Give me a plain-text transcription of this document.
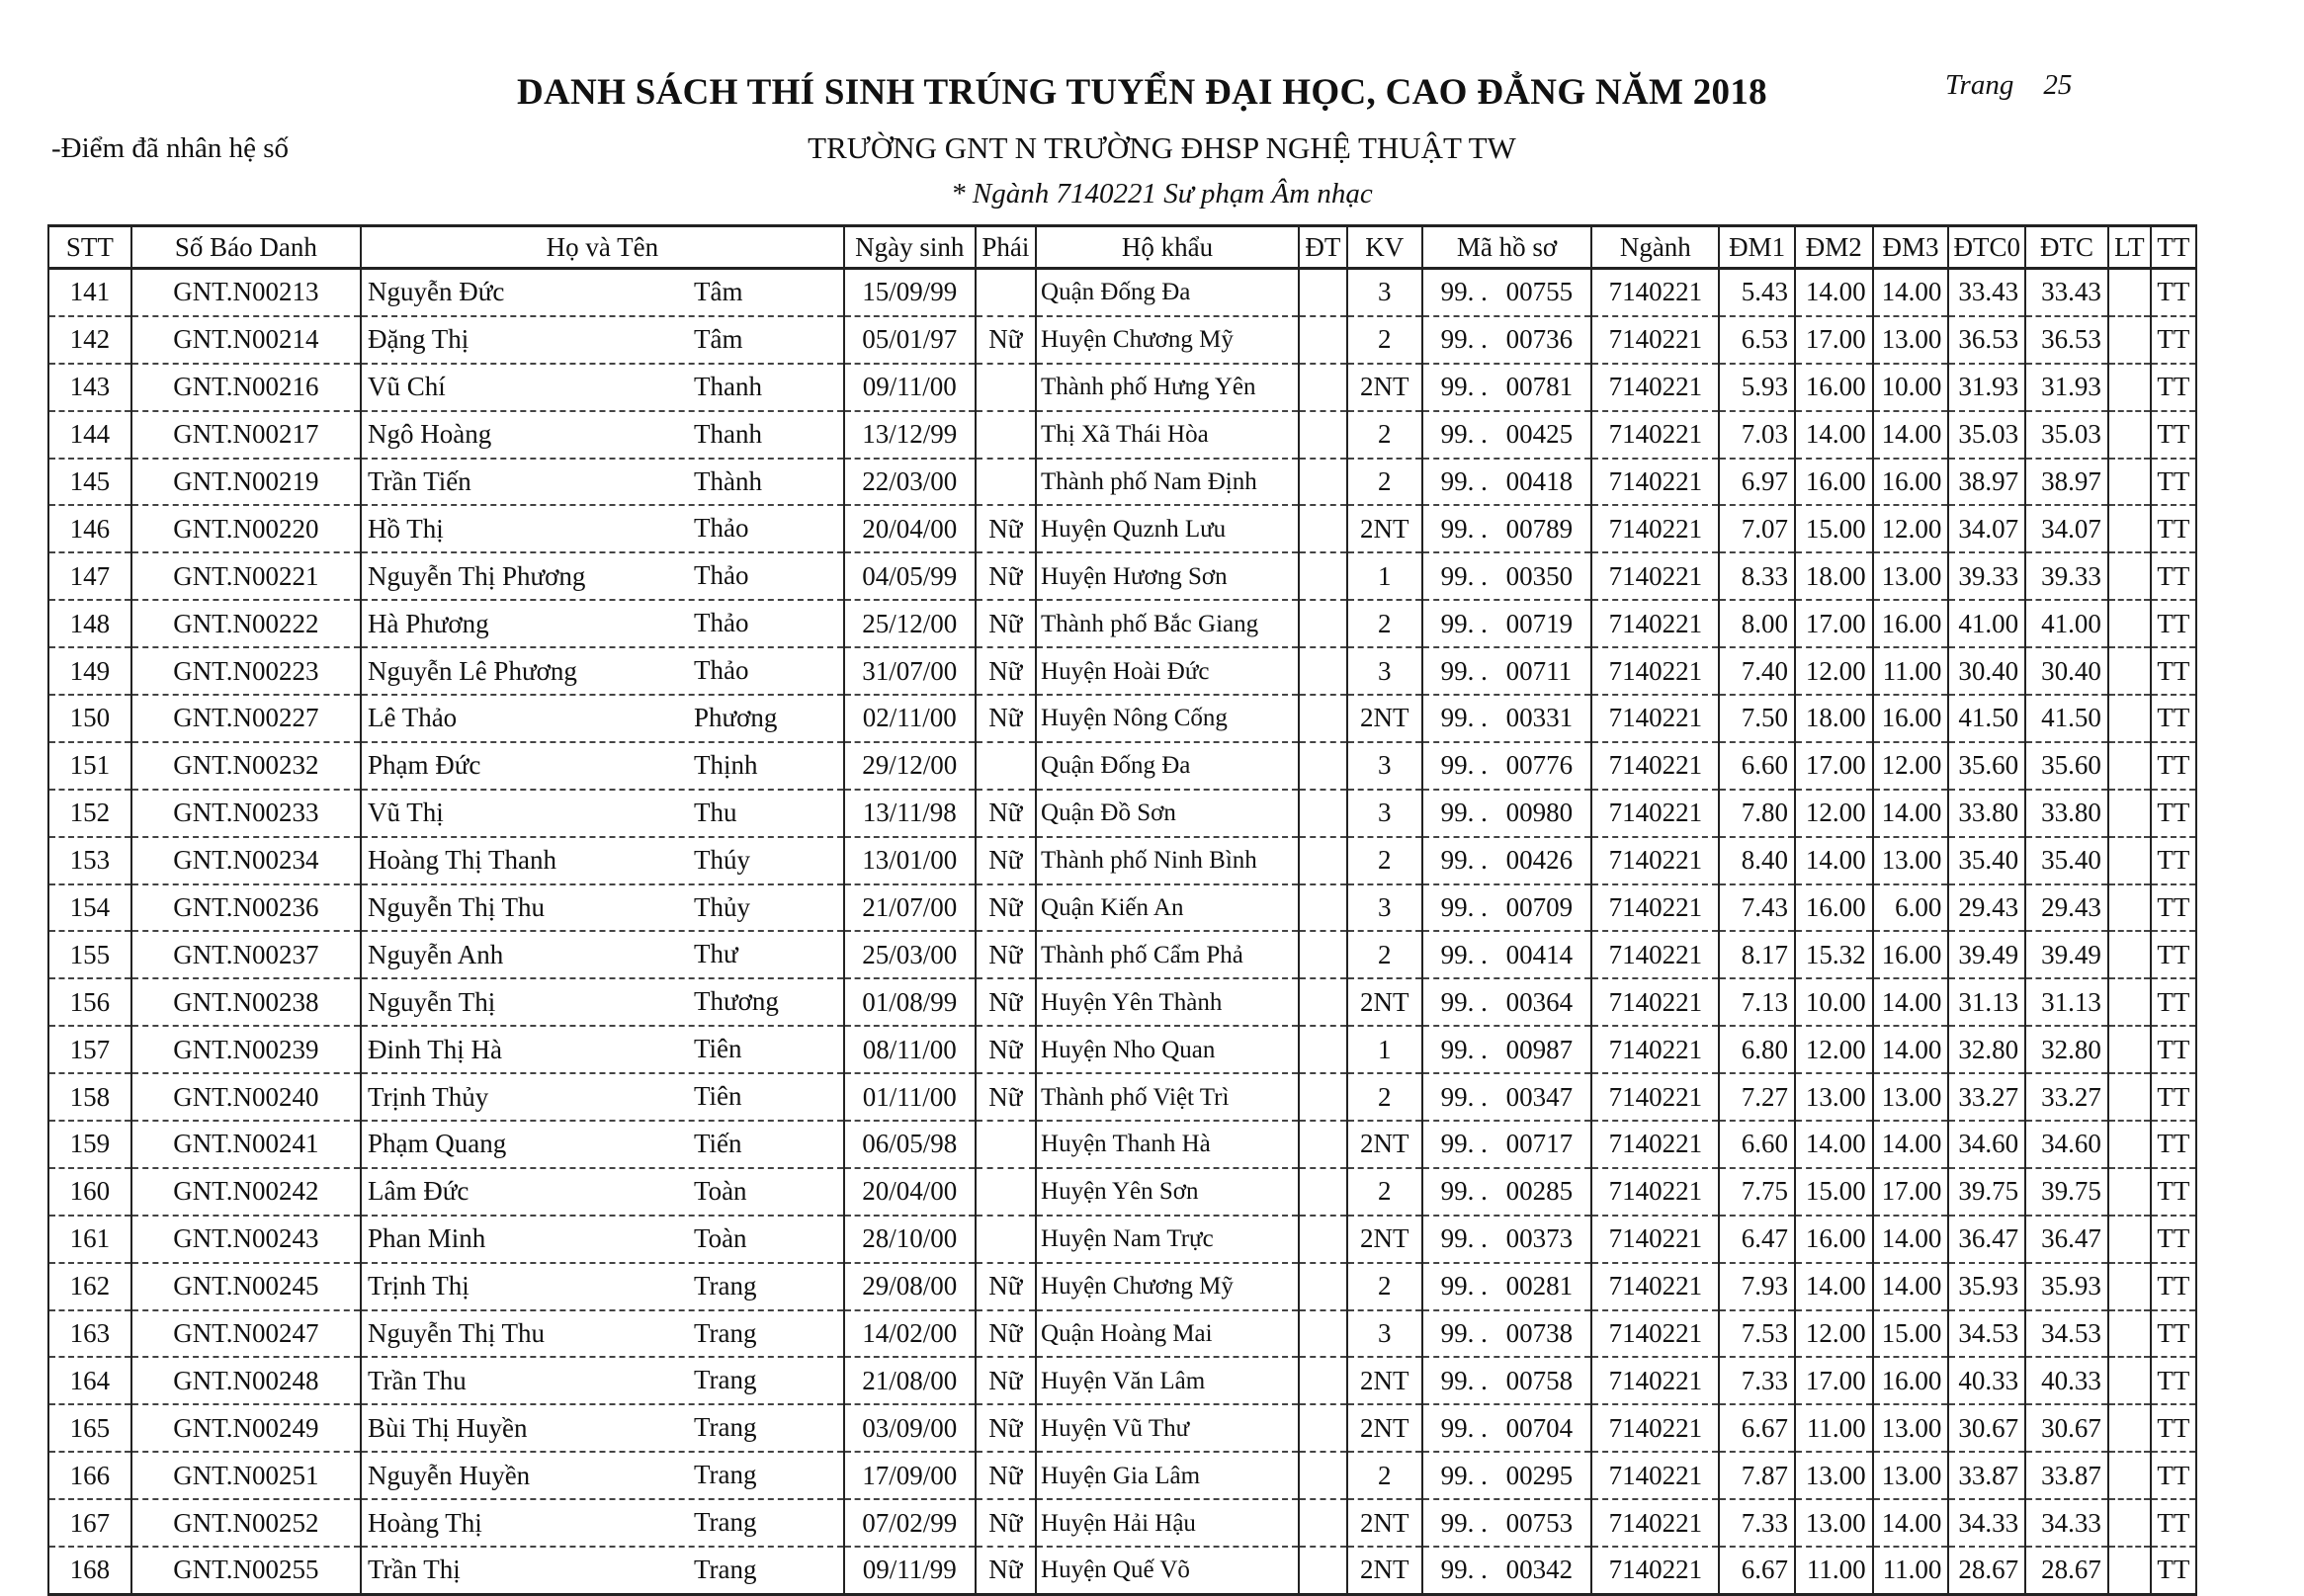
DANH SÁCH THÍ SINH TRÚNG TUYỂN ĐẠI HỌC, CAO ĐẲNG NĂM 2018	Trang 25
-Điểm đã nhân hệ số	TRƯỜNG GNT N TRƯỜNG ĐHSP NGHỆ THUẬT TW
* Ngành 7140221 Sư phạm Âm nhạc
STT	Số Báo Danh	Họ và Tên	Ngày sinh	Phái	Hộ khẩu	ĐT	KV	Mã hồ sơ	Ngành	ĐM1	ĐM2	ĐM3	ĐTC0	ĐTC	LT	TT
141	GNT.N00213	Nguyễn Đức Tâm	15/09/99		Quận Đống Đa		3	99. . 00755	7140221	5.43	14.00	14.00	33.43	33.43		TT
142	GNT.N00214	Đặng Thị Tâm	05/01/97	Nữ	Huyện Chương Mỹ		2	99. . 00736	7140221	6.53	17.00	13.00	36.53	36.53		TT
143	GNT.N00216	Vũ Chí Thanh	09/11/00		Thành phố Hưng Yên		2NT	99. . 00781	7140221	5.93	16.00	10.00	31.93	31.93		TT
144	GNT.N00217	Ngô Hoàng Thanh	13/12/99		Thị Xã Thái Hòa		2	99. . 00425	7140221	7.03	14.00	14.00	35.03	35.03		TT
145	GNT.N00219	Trần Tiến Thành	22/03/00		Thành phố Nam Định		2	99. . 00418	7140221	6.97	16.00	16.00	38.97	38.97		TT
146	GNT.N00220	Hồ Thị Thảo	20/04/00	Nữ	Huyện Quznh Lưu		2NT	99. . 00789	7140221	7.07	15.00	12.00	34.07	34.07		TT
147	GNT.N00221	Nguyễn Thị Phương Thảo	04/05/99	Nữ	Huyện Hương Sơn		1	99. . 00350	7140221	8.33	18.00	13.00	39.33	39.33		TT
148	GNT.N00222	Hà Phương Thảo	25/12/00	Nữ	Thành phố Bắc Giang		2	99. . 00719	7140221	8.00	17.00	16.00	41.00	41.00		TT
149	GNT.N00223	Nguyễn Lê Phương Thảo	31/07/00	Nữ	Huyện Hoài Đức		3	99. . 00711	7140221	7.40	12.00	11.00	30.40	30.40		TT
150	GNT.N00227	Lê Thảo Phương	02/11/00	Nữ	Huyện Nông Cống		2NT	99. . 00331	7140221	7.50	18.00	16.00	41.50	41.50		TT
151	GNT.N00232	Phạm Đức Thịnh	29/12/00		Quận Đống Đa		3	99. . 00776	7140221	6.60	17.00	12.00	35.60	35.60		TT
152	GNT.N00233	Vũ Thị Thu	13/11/98	Nữ	Quận Đồ Sơn		3	99. . 00980	7140221	7.80	12.00	14.00	33.80	33.80		TT
153	GNT.N00234	Hoàng Thị Thanh Thúy	13/01/00	Nữ	Thành phố Ninh Bình		2	99. . 00426	7140221	8.40	14.00	13.00	35.40	35.40		TT
154	GNT.N00236	Nguyễn Thị Thu Thủy	21/07/00	Nữ	Quận Kiến An		3	99. . 00709	7140221	7.43	16.00	6.00	29.43	29.43		TT
155	GNT.N00237	Nguyễn Anh Thư	25/03/00	Nữ	Thành phố Cẩm Phả		2	99. . 00414	7140221	8.17	15.32	16.00	39.49	39.49		TT
156	GNT.N00238	Nguyễn Thị Thương	01/08/99	Nữ	Huyện Yên Thành		2NT	99. . 00364	7140221	7.13	10.00	14.00	31.13	31.13		TT
157	GNT.N00239	Đinh Thị Hà Tiên	08/11/00	Nữ	Huyện Nho Quan		1	99. . 00987	7140221	6.80	12.00	14.00	32.80	32.80		TT
158	GNT.N00240	Trịnh Thủy Tiên	01/11/00	Nữ	Thành phố Việt Trì		2	99. . 00347	7140221	7.27	13.00	13.00	33.27	33.27		TT
159	GNT.N00241	Phạm Quang Tiến	06/05/98		Huyện Thanh Hà		2NT	99. . 00717	7140221	6.60	14.00	14.00	34.60	34.60		TT
160	GNT.N00242	Lâm Đức Toàn	20/04/00		Huyện Yên Sơn		2	99. . 00285	7140221	7.75	15.00	17.00	39.75	39.75		TT
161	GNT.N00243	Phan Minh Toàn	28/10/00		Huyện Nam Trực		2NT	99. . 00373	7140221	6.47	16.00	14.00	36.47	36.47		TT
162	GNT.N00245	Trịnh Thị Trang	29/08/00	Nữ	Huyện Chương Mỹ		2	99. . 00281	7140221	7.93	14.00	14.00	35.93	35.93		TT
163	GNT.N00247	Nguyễn Thị Thu Trang	14/02/00	Nữ	Quận Hoàng Mai		3	99. . 00738	7140221	7.53	12.00	15.00	34.53	34.53		TT
164	GNT.N00248	Trần Thu Trang	21/08/00	Nữ	Huyện Văn Lâm		2NT	99. . 00758	7140221	7.33	17.00	16.00	40.33	40.33		TT
165	GNT.N00249	Bùi Thị Huyền Trang	03/09/00	Nữ	Huyện Vũ Thư		2NT	99. . 00704	7140221	6.67	11.00	13.00	30.67	30.67		TT
166	GNT.N00251	Nguyễn Huyền Trang	17/09/00	Nữ	Huyện Gia Lâm		2	99. . 00295	7140221	7.87	13.00	13.00	33.87	33.87		TT
167	GNT.N00252	Hoàng Thị Trang	07/02/99	Nữ	Huyện Hải Hậu		2NT	99. . 00753	7140221	7.33	13.00	14.00	34.33	34.33		TT
168	GNT.N00255	Trần Thị Trang	09/11/99	Nữ	Huyện Quế Võ		2NT	99. . 00342	7140221	6.67	11.00	11.00	28.67	28.67		TT
